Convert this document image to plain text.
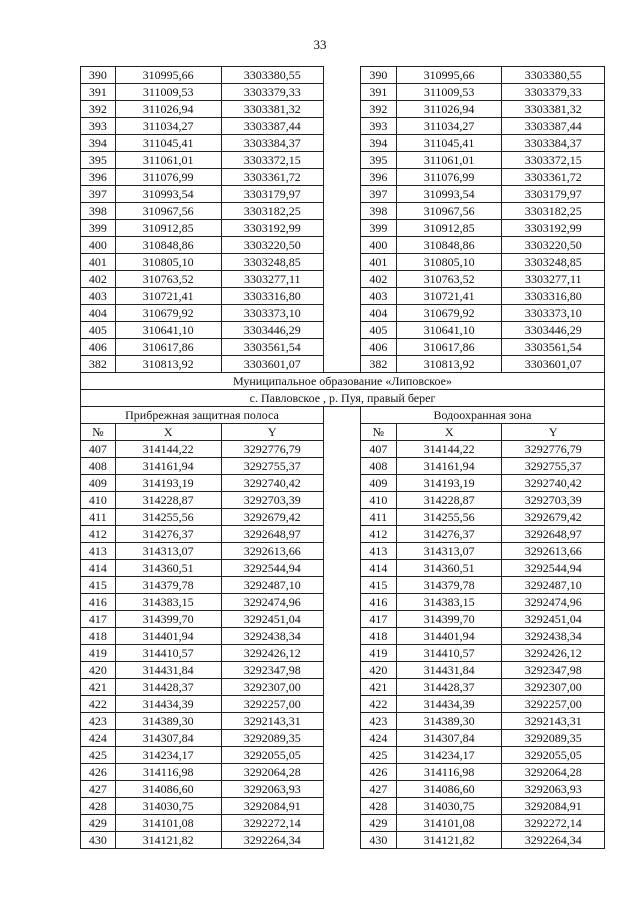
33
390	310995,66	3303380,55		390	310995,66	3303380,55
391	311009,53	3303379,33		391	311009,53	3303379,33
392	311026,94	3303381,32		392	311026,94	3303381,32
393	311034,27	3303387,44		393	311034,27	3303387,44
394	311045,41	3303384,37		394	311045,41	3303384,37
395	311061,01	3303372,15		395	311061,01	3303372,15
396	311076,99	3303361,72		396	311076,99	3303361,72
397	310993,54	3303179,97		397	310993,54	3303179,97
398	310967,56	3303182,25		398	310967,56	3303182,25
399	310912,85	3303192,99		399	310912,85	3303192,99
400	310848,86	3303220,50		400	310848,86	3303220,50
401	310805,10	3303248,85		401	310805,10	3303248,85
402	310763,52	3303277,11		402	310763,52	3303277,11
403	310721,41	3303316,80		403	310721,41	3303316,80
404	310679,92	3303373,10		404	310679,92	3303373,10
405	310641,10	3303446,29		405	310641,10	3303446,29
406	310617,86	3303561,54		406	310617,86	3303561,54
382	310813,92	3303601,07		382	310813,92	3303601,07
Муниципальное образование «Липовское»						
с. Павловское , р. Пуя, правый берег						
Прибрежная защитная полоса				Водоохранная зона		
№	X	Y		№	X	Y
407	314144,22	3292776,79		407	314144,22	3292776,79
408	314161,94	3292755,37		408	314161,94	3292755,37
409	314193,19	3292740,42		409	314193,19	3292740,42
410	314228,87	3292703,39		410	314228,87	3292703,39
411	314255,56	3292679,42		411	314255,56	3292679,42
412	314276,37	3292648,97		412	314276,37	3292648,97
413	314313,07	3292613,66		413	314313,07	3292613,66
414	314360,51	3292544,94		414	314360,51	3292544,94
415	314379,78	3292487,10		415	314379,78	3292487,10
416	314383,15	3292474,96		416	314383,15	3292474,96
417	314399,70	3292451,04		417	314399,70	3292451,04
418	314401,94	3292438,34		418	314401,94	3292438,34
419	314410,57	3292426,12		419	314410,57	3292426,12
420	314431,84	3292347,98		420	314431,84	3292347,98
421	314428,37	3292307,00		421	314428,37	3292307,00
422	314434,39	3292257,00		422	314434,39	3292257,00
423	314389,30	3292143,31		423	314389,30	3292143,31
424	314307,84	3292089,35		424	314307,84	3292089,35
425	314234,17	3292055,05		425	314234,17	3292055,05
426	314116,98	3292064,28		426	314116,98	3292064,28
427	314086,60	3292063,93		427	314086,60	3292063,93
428	314030,75	3292084,91		428	314030,75	3292084,91
429	314101,08	3292272,14		429	314101,08	3292272,14
430	314121,82	3292264,34		430	314121,82	3292264,34
